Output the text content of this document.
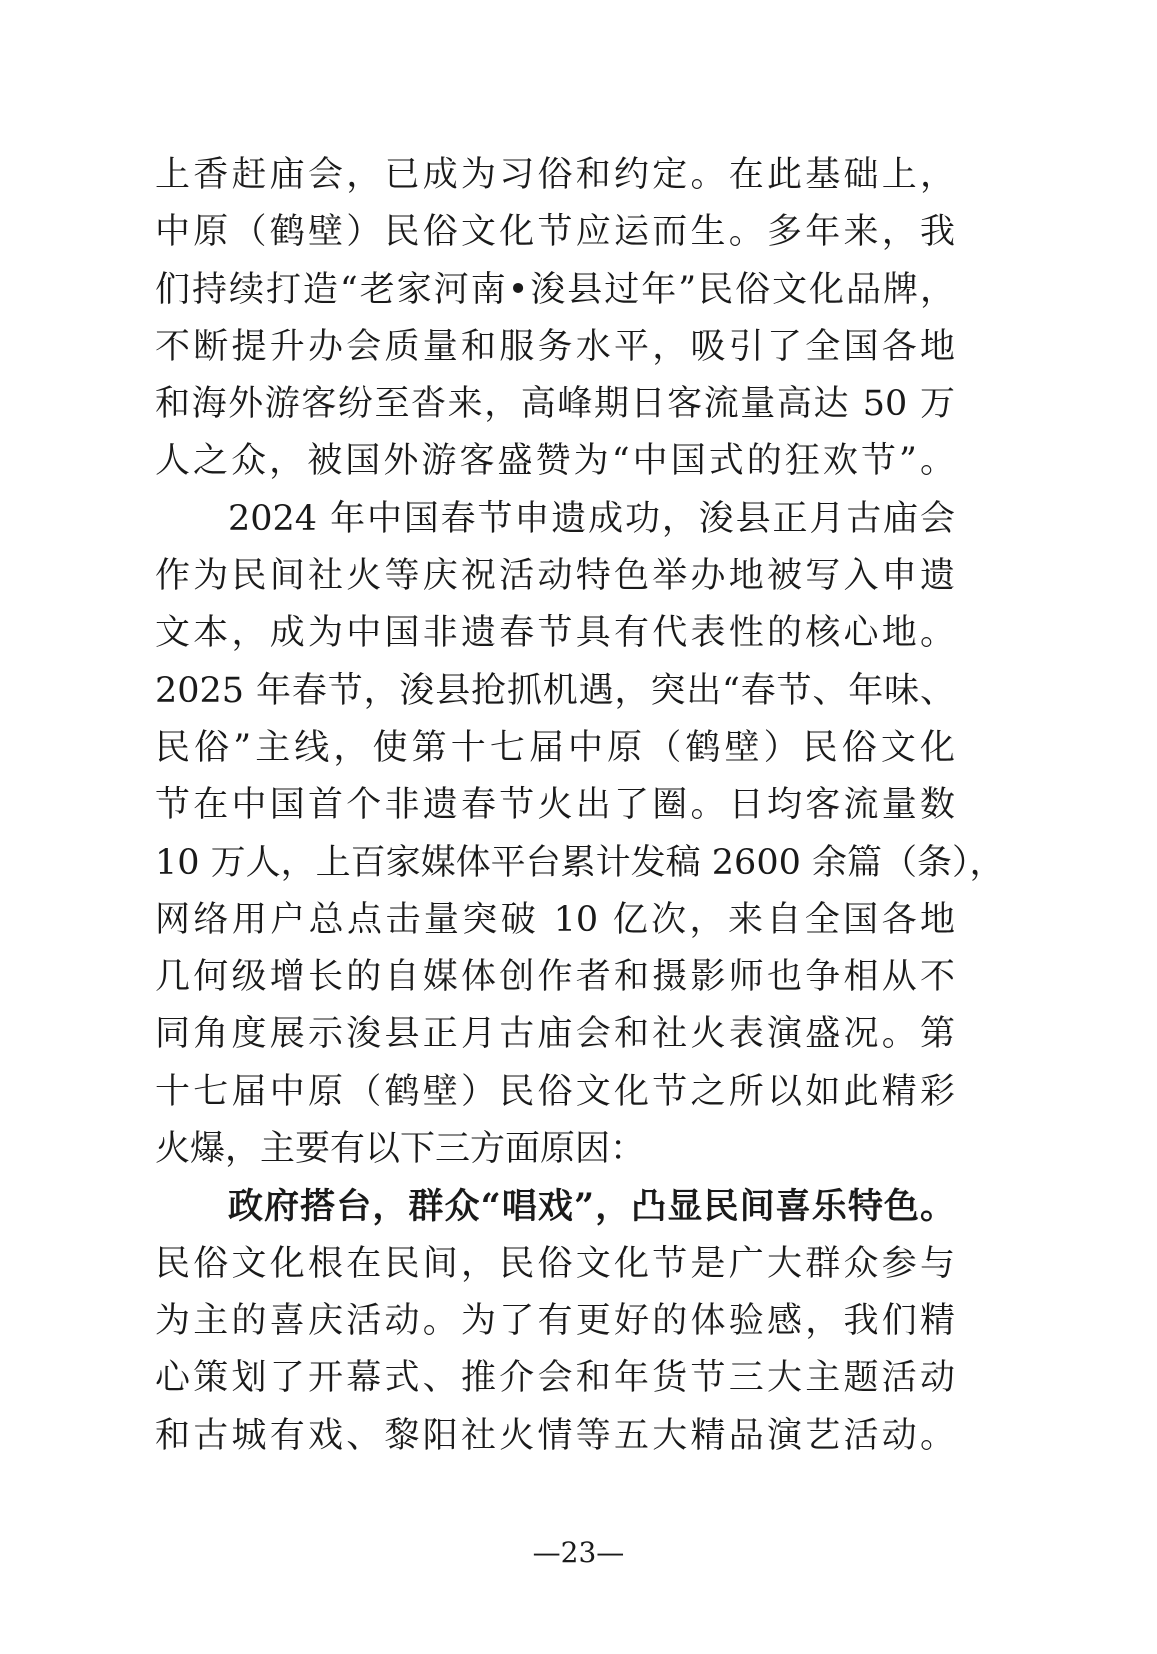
上香赶庙会，已成为习俗和约定。在此基础上，
中原（鹤壁）民俗文化节应运而生。多年来，我
们持续打造“老家河南•浚县过年”民俗文化品牌，
不断提升办会质量和服务水平，吸引了全国各地
和海外游客纷至沓来，高峰期日客流量高达 50 万
人之众，被国外游客盛赞为“中国式的狂欢节”。
2024 年中国春节申遗成功，浚县正月古庙会
作为民间社火等庆祝活动特色举办地被写入申遗
文本，成为中国非遗春节具有代表性的核心地。
2025 年春节，浚县抢抓机遇，突出“春节、年味、
民俗”主线，使第十七届中原（鹤壁）民俗文化
节在中国首个非遗春节火出了圈。日均客流量数
10 万人，上百家媒体平台累计发稿 2600 余篇（条），
网络用户总点击量突破 10 亿次，来自全国各地
几何级增长的自媒体创作者和摄影师也争相从不
同角度展示浚县正月古庙会和社火表演盛况。第
十七届中原（鹤壁）民俗文化节之所以如此精彩
火爆，主要有以下三方面原因：
政府搭台，群众“唱戏”，凸显民间喜乐特色。
民俗文化根在民间，民俗文化节是广大群众参与
为主的喜庆活动。为了有更好的体验感，我们精
心策划了开幕式、推介会和年货节三大主题活动
和古城有戏、黎阳社火情等五大精品演艺活动。
—23—
